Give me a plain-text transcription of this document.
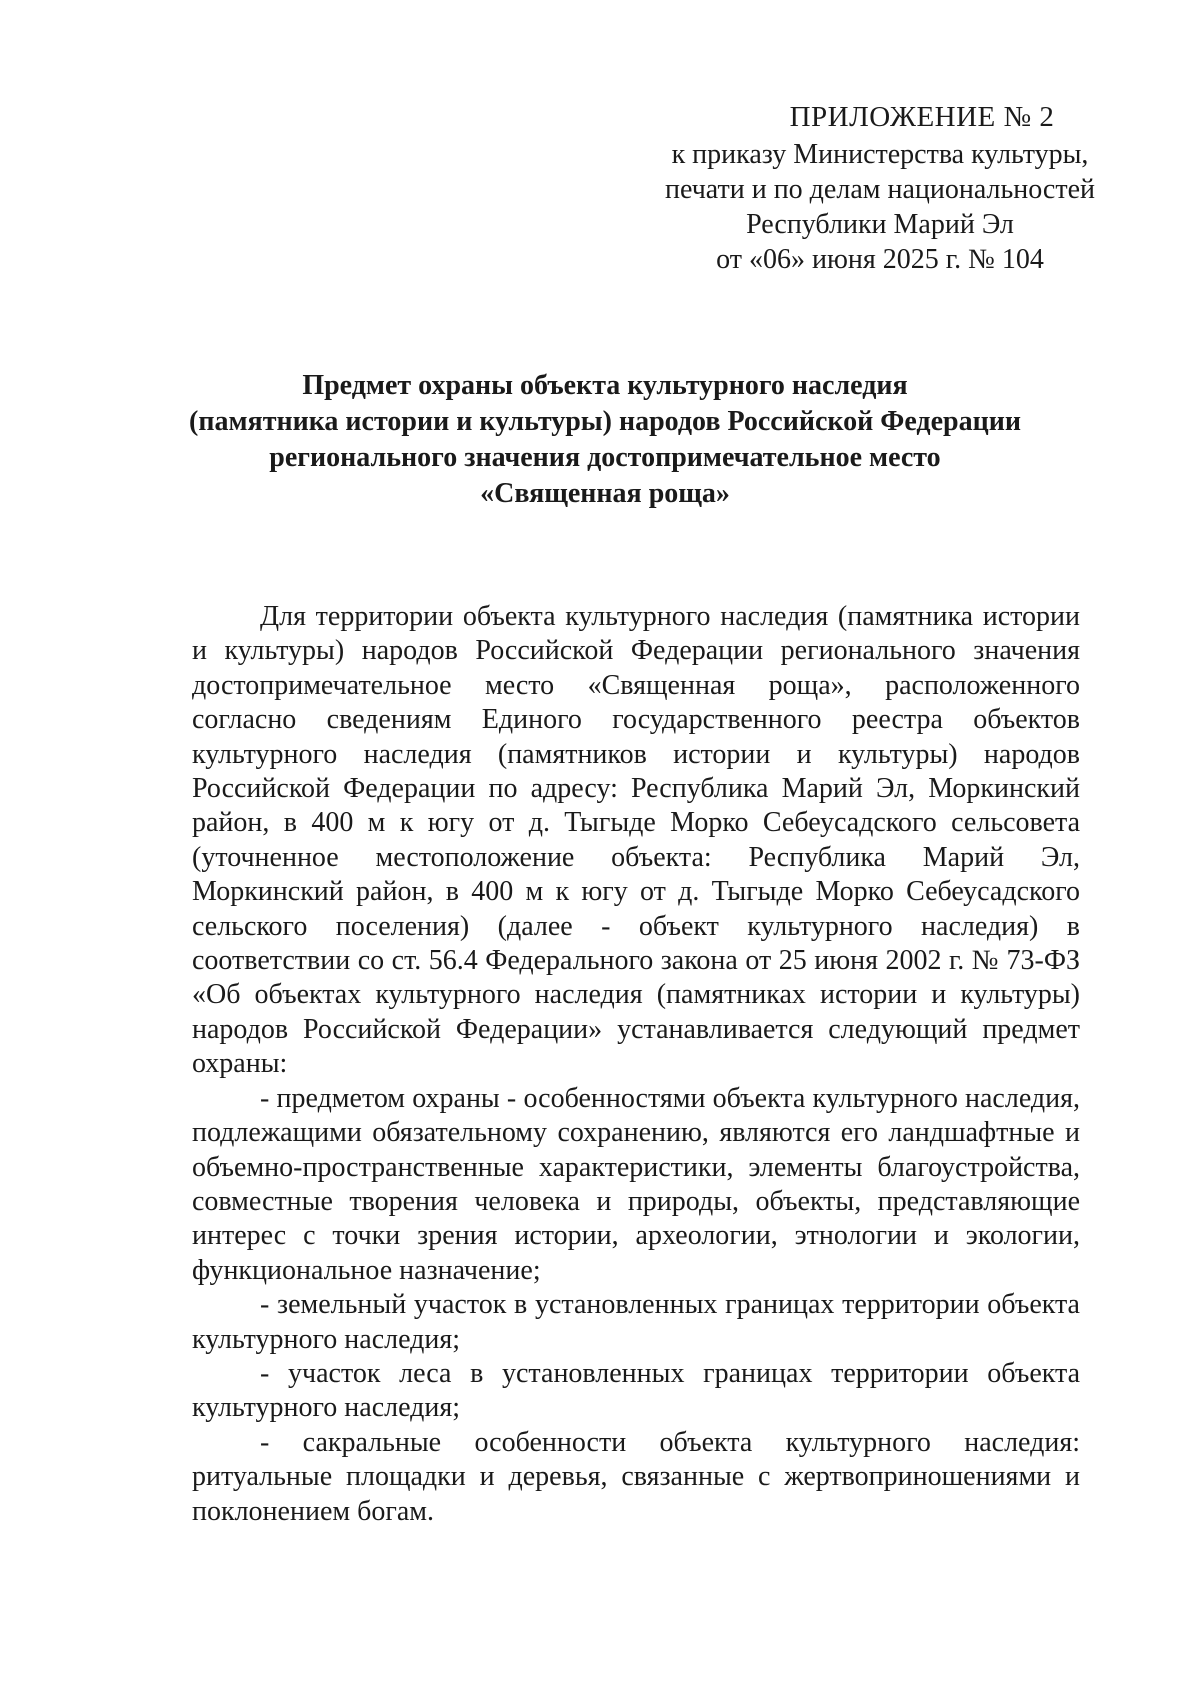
ПРИЛОЖЕНИЕ № 2
к приказу Министерства культуры,
печати и по делам национальностей
Республики Марий Эл
от «06» июня 2025 г. № 104
Предмет охраны объекта культурного наследия
(памятника истории и культуры) народов Российской Федерации
регионального значения достопримечательное место
«Священная роща»

Для территории объекта культурного наследия (памятника истории и культуры) народов Российской Федерации регионального значения достопримечательное место «Священная роща», расположенного согласно сведениям Единого государственного реестра объектов культурного наследия (памятников истории и культуры) народов Российской Федерации по адресу: Республика Марий Эл, Моркинский район, в 400 м к югу от д. Тыгыде Морко Себеусадского сельсовета (уточненное местоположение объекта: Республика Марий Эл, Моркинский район, в 400 м к югу от д. Тыгыде Морко Себеусадского сельского поселения) (далее - объект культурного наследия) в соответствии со ст. 56.4 Федерального закона от 25 июня 2002 г. № 73-ФЗ «Об объектах культурного наследия (памятниках истории и культуры) народов Российской Федерации» устанавливается следующий предмет охраны:

- предметом охраны - особенностями объекта культурного наследия, подлежащими обязательному сохранению, являются его ландшафтные и объемно-пространственные характеристики, элементы благоустройства, совместные творения человека и природы, объекты, представляющие интерес с точки зрения истории, археологии, этнологии и экологии, функциональное назначение;

- земельный участок в установленных границах территории объекта культурного наследия;

- участок леса в установленных границах территории объекта культурного наследия;

- сакральные особенности объекта культурного наследия: ритуальные площадки и деревья, связанные с жертвоприношениями и поклонением богам.
